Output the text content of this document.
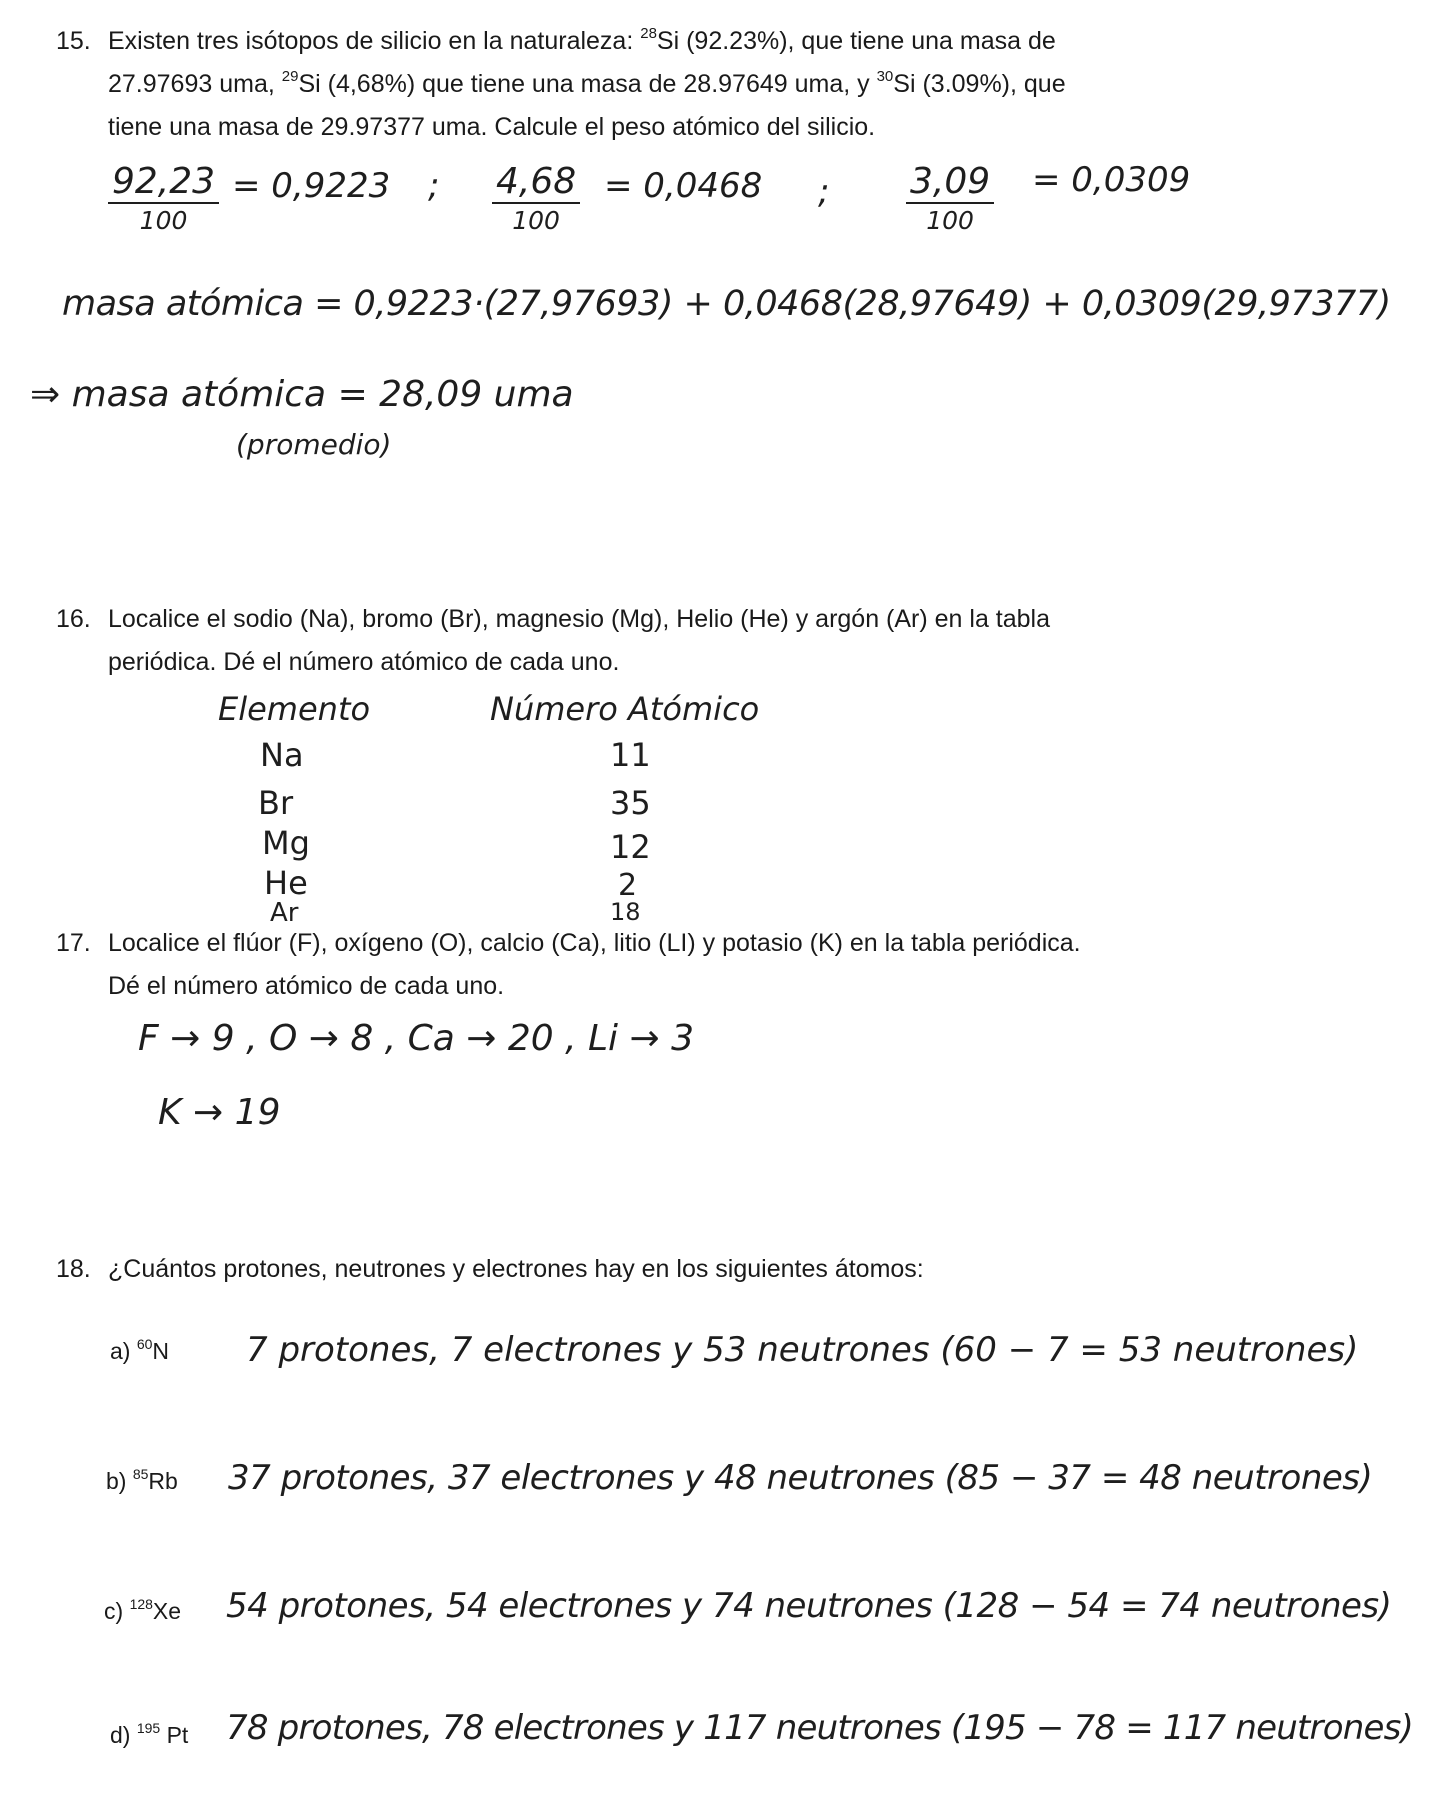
15. Existen tres isótopos de silicio en la naturaleza: $^{28}$Si (92.23%), que tiene una masa de
27.97693 uma, $^{29}$Si (4,68%) que tiene una masa de 28.97649 uma, y $^{30}$Si (3.09%), que
tiene una masa de 29.97377 uma. Calcule el peso atómico del silicio.
92,23
100
= 0,9223 ; 4,68
100
= 0,0468 ; 3,09
100
= 0,0309
masa atómica = 0,9223·(27,97693) + 0,0468(28,97649) + 0,0309(29,97377)
⇒ masa atómica = 28,09 uma
(promedio)
16. Localice el sodio (Na), bromo (Br), magnesio (Mg), Helio (He) y argón (Ar) en la tabla
periódica. Dé el número atómico de cada uno.
Elemento	Número Atómico
Na	11
Br	35
Mg	12
He	2
Ar	18
17. Localice el flúor (F), oxígeno (O), calcio (Ca), litio (LI) y potasio (K) en la tabla periódica.
Dé el número atómico de cada uno.
F → 9 , O → 8 , Ca → 20 , Li → 3
K → 19
18. ¿Cuántos protones, neutrones y electrones hay en los siguientes átomos:
a) $^{60}$N 7 protones, 7 electrones y 53 neutrones (60 − 7 = 53 neutrones)
b) $^{85}$Rb 37 protones, 37 electrones y 48 neutrones (85 − 37 = 48 neutrones)
c) $^{128}$Xe 54 protones, 54 electrones y 74 neutrones (128 − 54 = 74 neutrones)
d) $^{195}$ Pt 78 protones, 78 electrones y 117 neutrones (195 − 78 = 117 neutrones)
